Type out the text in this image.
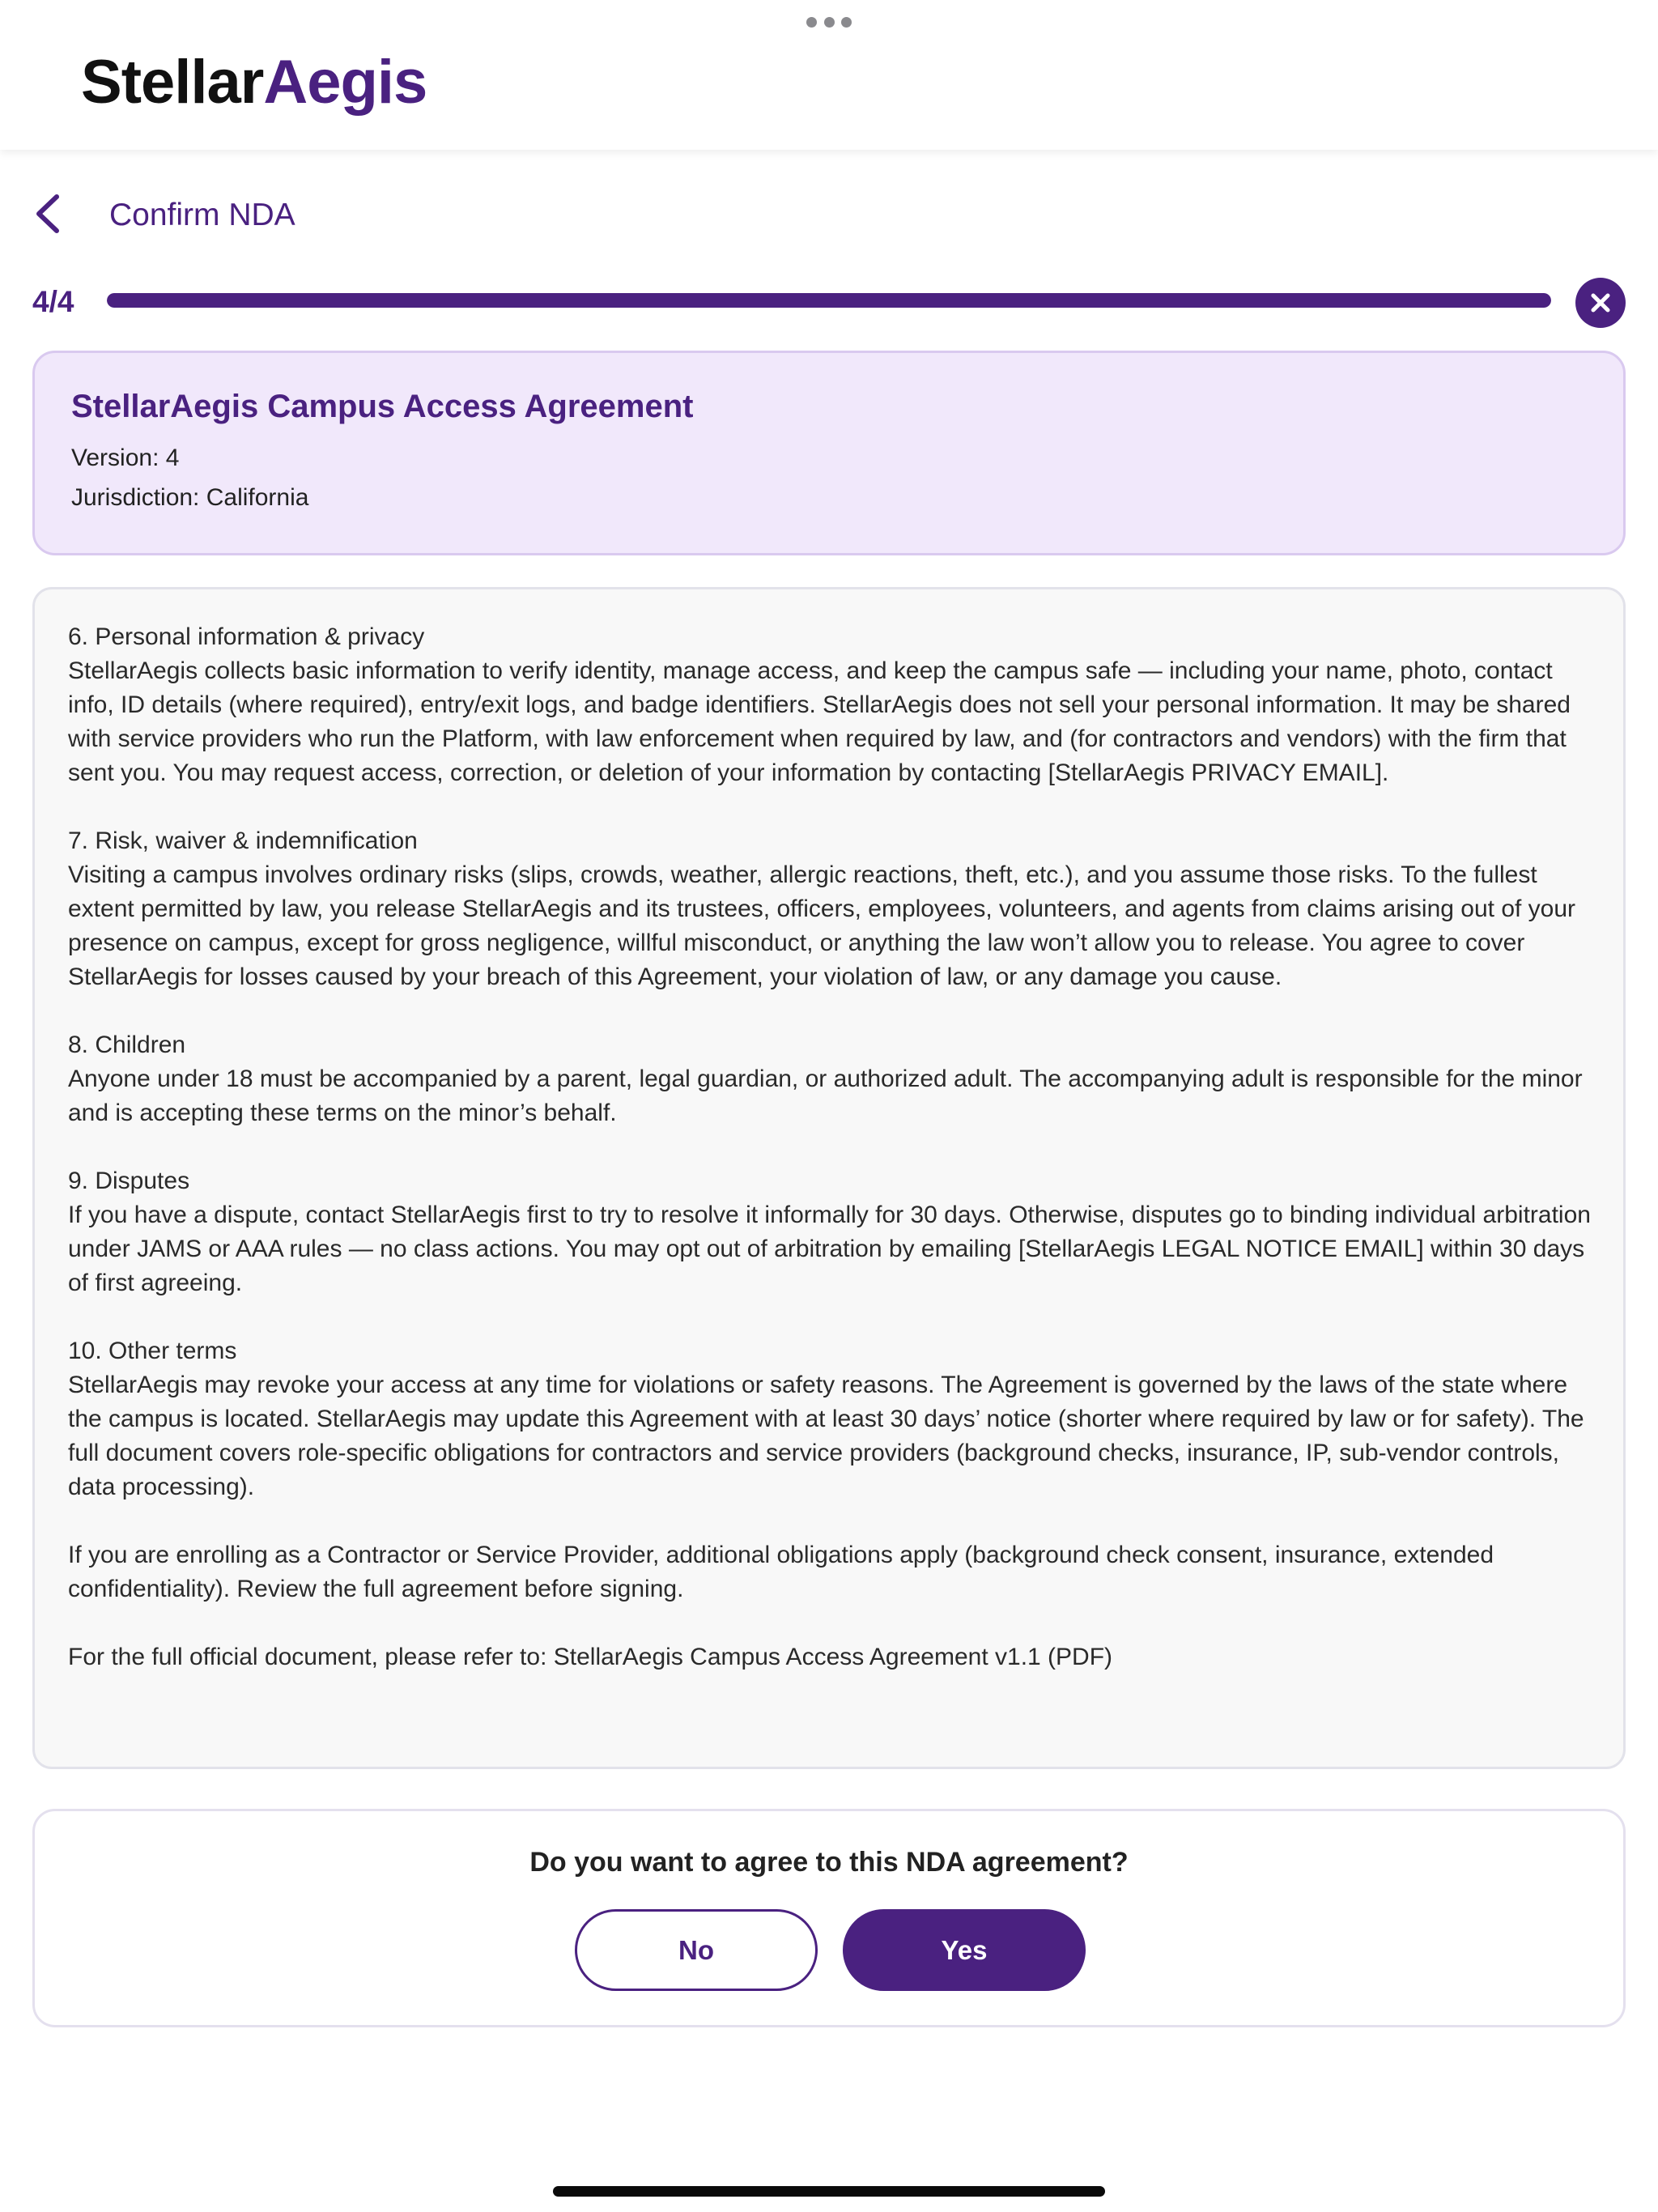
StellarAegis
Confirm NDA
4/4
StellarAegis Campus Access Agreement
Version: 4
Jurisdiction: California
6. Personal information & privacy
StellarAegis collects basic information to verify identity, manage access, and keep the campus safe — including your name, photo, contact info, ID details (where required), entry/exit logs, and badge identifiers. StellarAegis does not sell your personal information. It may be shared with service providers who run the Platform, with law enforcement when required by law, and (for contractors and vendors) with the firm that sent you. You may request access, correction, or deletion of your information by contacting [StellarAegis PRIVACY EMAIL].
7. Risk, waiver & indemnification
Visiting a campus involves ordinary risks (slips, crowds, weather, allergic reactions, theft, etc.), and you assume those risks. To the fullest extent permitted by law, you release StellarAegis and its trustees, officers, employees, volunteers, and agents from claims arising out of your presence on campus, except for gross negligence, willful misconduct, or anything the law won’t allow you to release. You agree to cover StellarAegis for losses caused by your breach of this Agreement, your violation of law, or any damage you cause.
8. Children
Anyone under 18 must be accompanied by a parent, legal guardian, or authorized adult. The accompanying adult is responsible for the minor and is accepting these terms on the minor’s behalf.
9. Disputes
If you have a dispute, contact StellarAegis first to try to resolve it informally for 30 days. Otherwise, disputes go to binding individual arbitration under JAMS or AAA rules — no class actions. You may opt out of arbitration by emailing [StellarAegis LEGAL NOTICE EMAIL] within 30 days of first agreeing.
10. Other terms
StellarAegis may revoke your access at any time for violations or safety reasons. The Agreement is governed by the laws of the state where the campus is located. StellarAegis may update this Agreement with at least 30 days’ notice (shorter where required by law or for safety). The full document covers role-specific obligations for contractors and service providers (background checks, insurance, IP, sub-vendor controls, data processing).
If you are enrolling as a Contractor or Service Provider, additional obligations apply (background check consent, insurance, extended confidentiality). Review the full agreement before signing.
For the full official document, please refer to: StellarAegis Campus Access Agreement v1.1 (PDF)
Do you want to agree to this NDA agreement?
No	Yes
